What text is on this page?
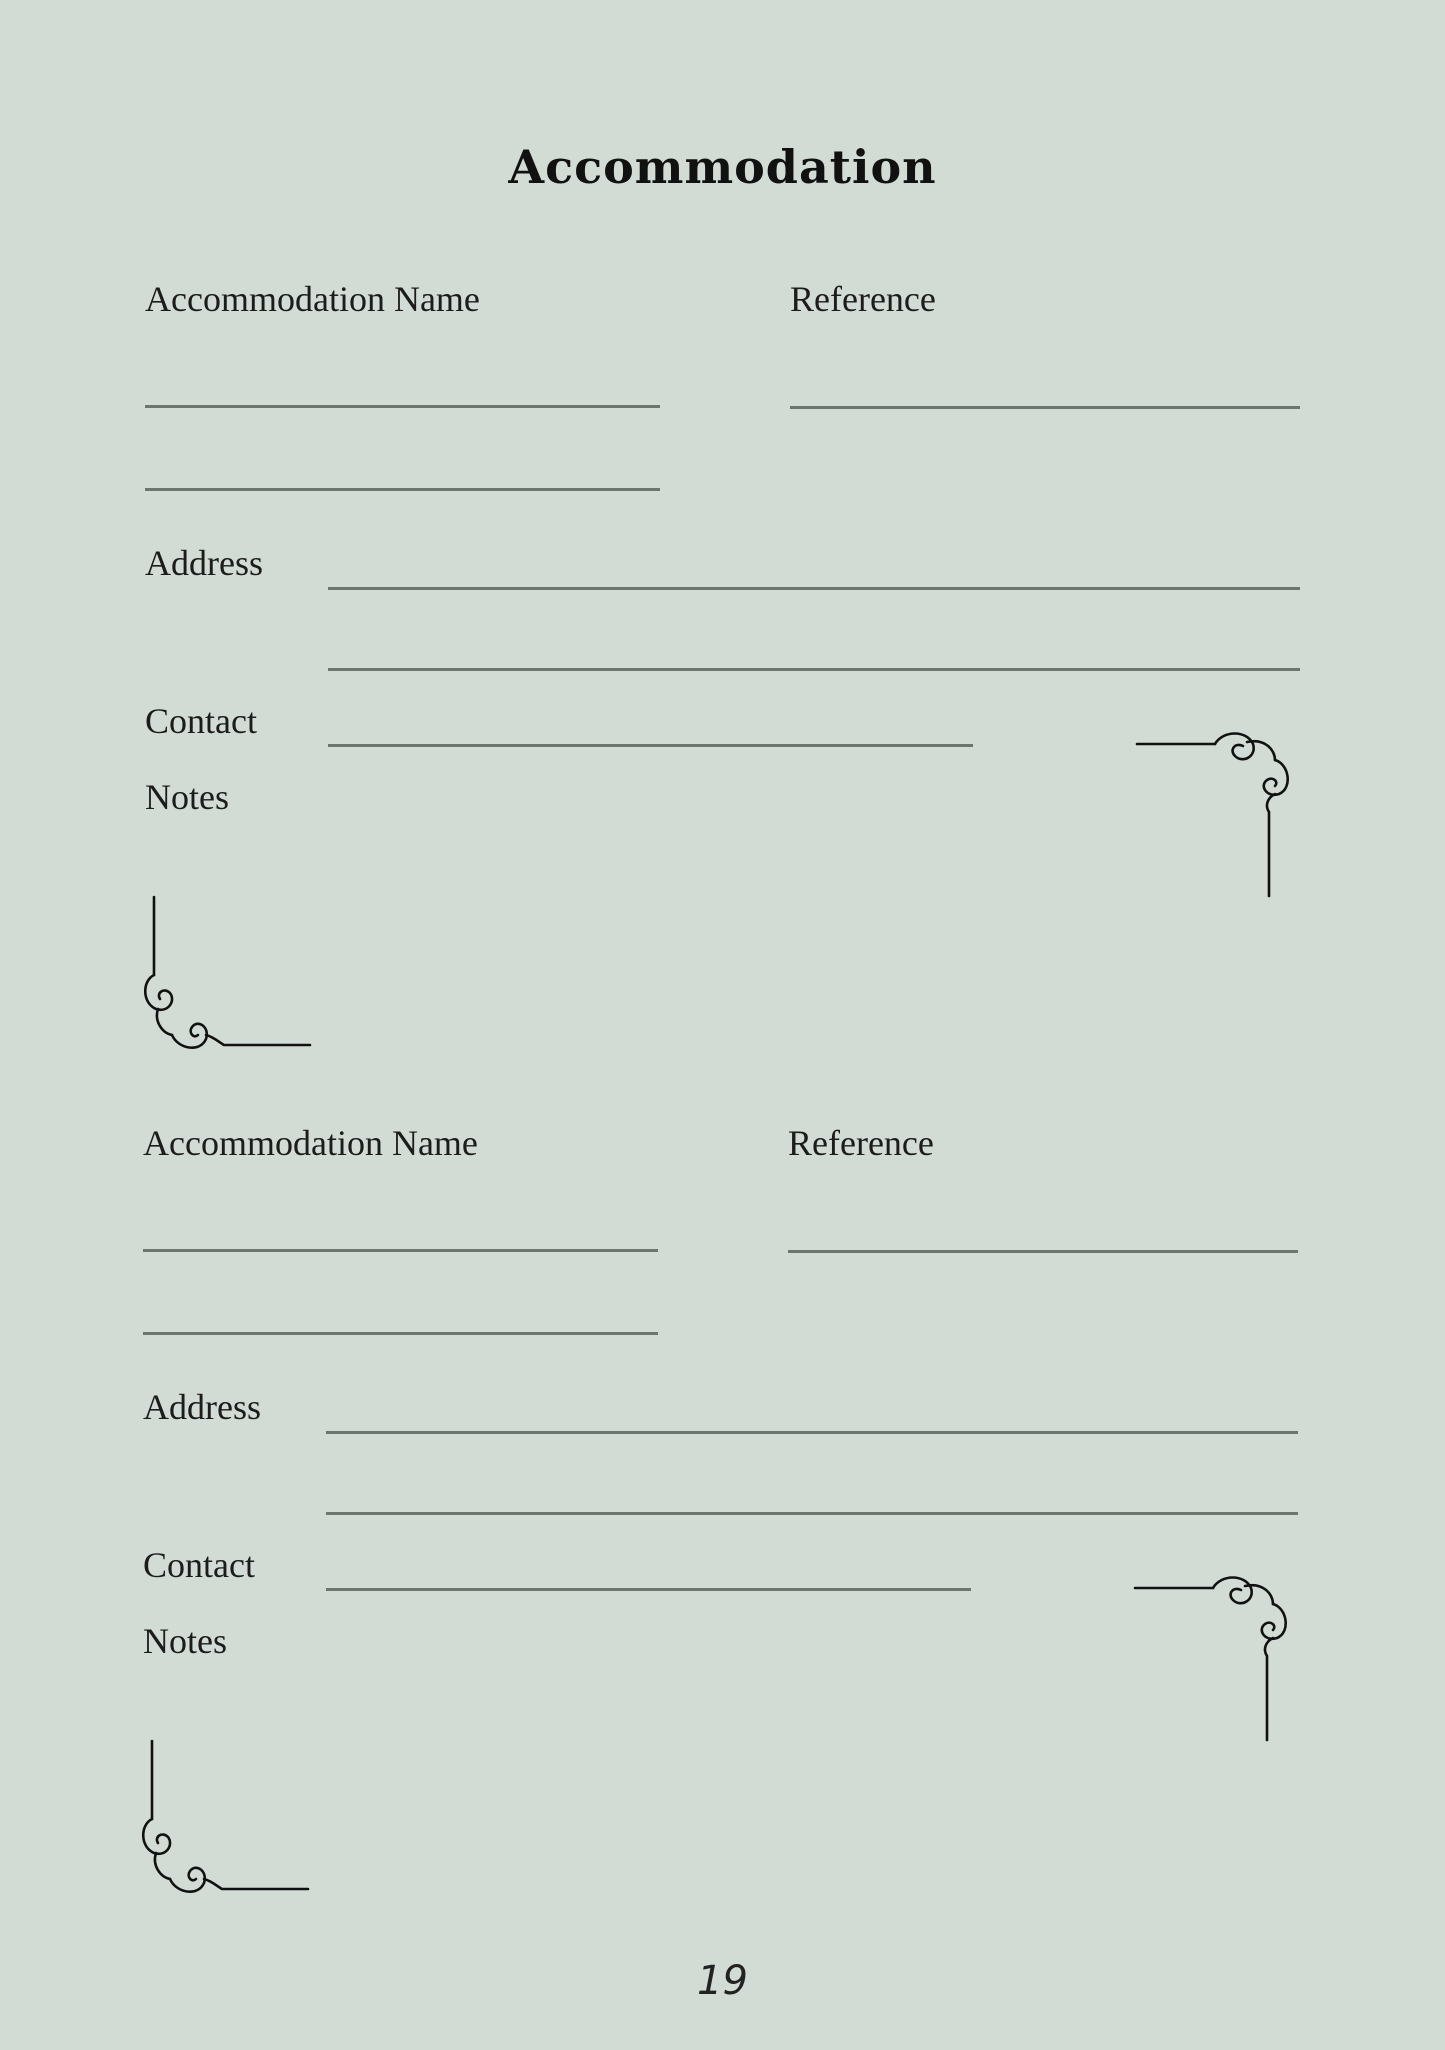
Accommodation
Accommodation Name	Reference
Address
Contact
Notes
Accommodation Name	Reference
Address
Contact
Notes
19
